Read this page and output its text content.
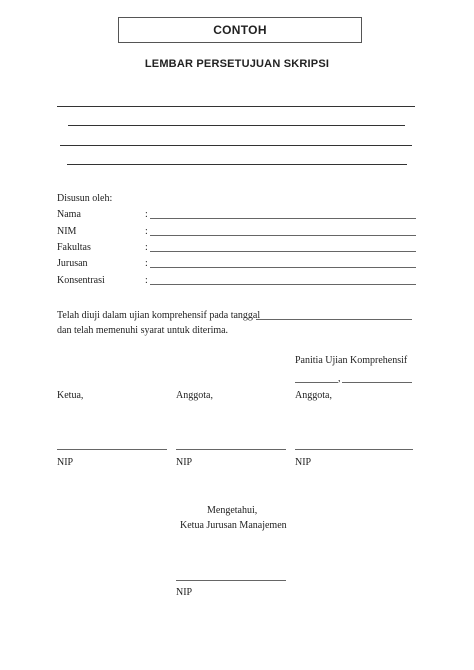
CONTOH
LEMBAR PERSETUJUAN SKRIPSI
Disusun oleh:
Nama	:
NIM	:
Fakultas	:
Jurusan	:
Konsentrasi	:
Telah diuji dalam ujian komprehensif pada tanggal
dan telah memenuhi syarat untuk diterima.
Panitia Ujian Komprehensif
,
Ketua,	Anggota,	Anggota,
NIP	NIP	NIP
Mengetahui,
Ketua Jurusan Manajemen
NIP
